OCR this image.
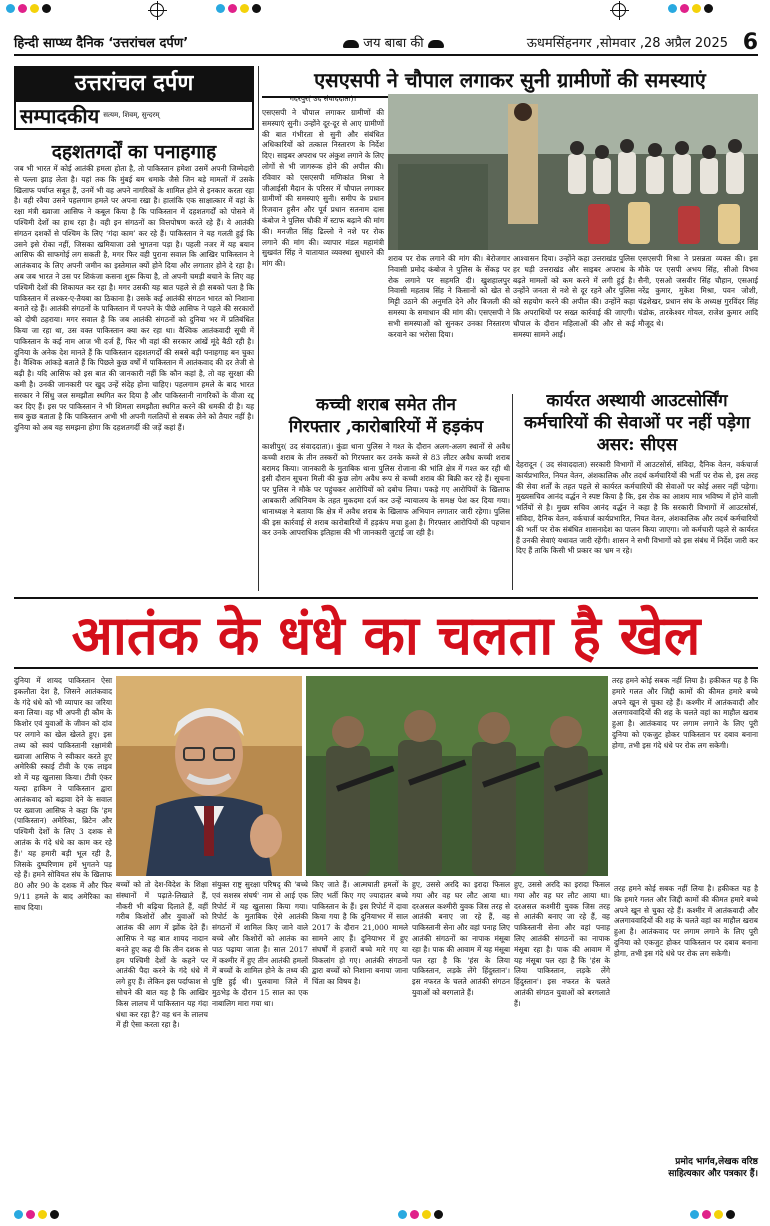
हिन्दी साप्ध्य दैनिक ‘उत्तरांचल दर्पण’	जय बाबा की	ऊधमसिंहनगर ,सोमवार ,28 अप्रैल 2025 6
उत्तरांचल दर्पण
सम्पादकीय सत्यम, शिवम्, सुन्दरम्
दहशतगर्दों का पनाहगाह
जब भी भारत में कोई आतंकी हमला होता है, तो पाकिस्तान हमेशा उसमें अपनी जिम्मेदारी से पल्ला झाड़ लेता है। यहां तक कि मुंबई बम धमाके जैसे जिन बड़े मामलों में उसके खिलाफ पर्याप्त सबूत हैं, उनमें भी वह अपने नागरिकों के शामिल होने से इनकार करता रहा है। वही रवैया उसने पहलगाम हमले पर अपना रखा है। हालांकि एक साक्षात्कार में वहां के रक्षा मंत्री ख्वाजा आसिफ ने कबूल किया है कि पाकिस्तान में दहशतगर्दों को पोसने में पश्चिमी देशों का हाथ रहा है। वही इन संगठनों का वित्तपोषण करते रहे हैं। ये आतंकी संगठन दशकों से पश्चिम के लिए ‘गंदा काम’ कर रहे हैं। पाकिस्तान ने यह गलती हुई कि उसने इसे रोका नहीं, जिसका खमियाजा उसे भुगतना पड़ा है। पहली नजर में यह बयान आसिफ की साफगोई लग सकती है, मगर फिर वही पुराना सवाल कि आखिर पाकिस्तान ने आतंकवाद के लिए अपनी जमीन का इस्तेमाल क्यों होने दिया और लगातार होने दे रहा है। अब जब भारत ने उस पर शिकंजा कसना शुरू किया है, तो अपनी चमड़ी बचाने के लिए वह पश्चिमी देशों की शिकायत कर रहा है। मगर उसकी यह बात पहले से ही सबको पता है कि पाकिस्तान में लश्कर-ए-तैयबा का ठिकाना है। उसके कई आतंकी संगठन भारत को निशाना बनाते रहे हैं। आतंकी संगठनों के पाकिस्तान में पनपने के पीछे आसिफ ने पहले की सरकारों को दोषी ठहराया। मगर सवाल है कि जब आतंकी संगठनों को दुनिया भर में प्रतिबंधित किया जा रहा था, उस वक्त पाकिस्तान क्या कर रहा था। वैश्विक आतंकवादी सूची में पाकिस्तान के कई नाम आज भी दर्ज हैं, फिर भी वहां की सरकार आंखें मूंदे बैठी रही है। दुनिया के अनेक देश मानते हैं कि पाकिस्तान दहशतगर्दों की सबसे बड़ी पनाहगाह बन चुका है। वैश्विक आंकड़े बताते हैं कि पिछले कुछ वर्षों में पाकिस्तान में आतंकवाद की दर तेजी से बढ़ी है। यदि आसिफ को इस बात की जानकारी नहीं कि कौन कहां है, तो वह सुरक्षा की कमी है। उनकी जानकारी पर खुद उन्हें संदेह होना चाहिए। पहलगाम हमले के बाद भारत सरकार ने सिंधु जल समझौता स्थगित कर दिया है और पाकिस्तानी नागरिकों के वीजा रद्द कर दिए हैं। इस पर पाकिस्तान ने भी शिमला समझौता स्थगित करने की धमकी दी है। यह सब कुछ बताता है कि पाकिस्तान अभी भी अपनी गलतियों से सबक लेने को तैयार नहीं है। दुनिया को अब यह समझना होगा कि दहशतगर्दी की जड़ें कहां हैं।
एसएसपी ने चौपाल लगाकर सुनी ग्रामीणों की समस्याएं
गदरपुर( उद संवाददाता)।
एसएसपी ने चौपाल लगाकर ग्रामीणों की समस्याएं सुनी। उन्होंने दूर-दूर से आए ग्रामीणों की बात गंभीरता से सुनी और संबंधित अधिकारियों को तत्काल निस्तारण के निर्देश दिए। साइबर अपराध पर अंकुश लगाने के लिए लोगों से भी जागरूक होने की अपील की। रविवार को एसएसपी मणिकांत मिश्रा ने जीआईसी मैदान के परिसर में चौपाल लगाकर ग्रामीणों की समस्याएं सुनी। समीप के प्रधान रिजवान हुसैन और पूर्व प्रधान सतनाम दास कंबोज ने पुलिस चौकी में स्टाफ बढ़ाने की मांग की। मनजीत सिंह ढिल्लो ने नशे पर रोक लगाने की मांग की। व्यापार मंडल महामंत्री सुखवंत सिंह ने यातायात व्यवस्था सुधारने की मांग की।
शराब पर रोक लगाने की मांग की। बेरोजगार निवासी प्रमोद कंबोज ने पुलिस के सेंकड़ पर रोक लगाने पर सहमति दी। खुशहालपुर निवासी महताब सिंह ने किसानों को खेत से मिट्टी उठाने की अनुमति देने और बिजली की समस्या के समाधान की मांग की। एसएसपी ने सभी समस्याओं को सुनकर उनका निस्तारण करवाने का भरोसा दिया।
आश्वासन दिया। उन्होंने कहा उत्तराखंड पुलिस हर घड़ी उत्तराखंड और साइबर अपराध के बढ़ते मामलों को कम करने में लगी हुई है। उन्होंने जनता से नशे से दूर रहने और पुलिस को सहयोग करने की अपील की। उन्होंने कहा कि अपराधियों पर सख्त कार्रवाई की जाएगी। चौपाल के दौरान महिलाओं की और से कई समस्या सामने आईं।
एसएसपी मिश्रा ने प्रसन्नता व्यक्त की। इस मौके पर एसपी अभय सिंह, सीओ विभव सैनी, एसओ जसवीर सिंह चौहान, एसआई नरेंद्र कुमार, मुकेश मिश्रा, पवन जोशी, चंद्रशेखर, प्रधान संघ के अध्यक्ष गुरविंदर सिंह चंडोक, तारकेश्वर गोयल, राजेश कुमार आदि मौजूद थे।
कच्ची शराब समेत तीन
गिरफ्तार ,कारोबारियों में हड़कंप
काशीपुर( उद संवाददाता)। कुंडा थाना पुलिस ने गश्त के दौरान अलग-अलग स्थानों से अवैध कच्ची शराब के तीन तस्करों को गिरफ्तार कर उनके कब्जे से 83 लीटर अवैध कच्ची शराब बरामद किया। जानकारी के मुताबिक थाना पुलिस रोजाना की भांति क्षेत्र में गश्त कर रही थी इसी दौरान सूचना मिली की कुछ लोग अवैध रूप से कच्ची शराब की बिक्री कर रहे हैं। सूचना पर पुलिस ने मौके पर पहुंचकर आरोपियों को दबोच लिया। पकड़े गए आरोपियों के खिलाफ आबकारी अधिनियम के तहत मुकदमा दर्ज कर उन्हें न्यायालय के समक्ष पेश कर दिया गया। थानाध्यक्ष ने बताया कि क्षेत्र में अवैध शराब के खिलाफ अभियान लगातार जारी रहेगा। पुलिस की इस कार्रवाई से शराब कारोबारियों में हड़कंप मचा हुआ है। गिरफ्तार आरोपियों की पहचान कर उनके आपराधिक इतिहास की भी जानकारी जुटाई जा रही है।
कार्यरत अस्थायी आउटसोर्सिंग कर्मचारियों की सेवाओं पर नहीं पड़ेगा असर: सीएस
देहरादून ( उद संवाददाता) सरकारी विभागों में आउटसोर्स, संविदा, दैनिक वेतन, वर्कचार्ज कार्यप्रभारित, नियत वेतन, अंशकालिक और तदर्थ कर्मचारियों की भर्ती पर रोक से, इस तरह की सेवा शर्तों के तहत पहले से कार्यरत कर्मचारियों की सेवाओं पर कोई असर नहीं पड़ेगा। मुख्यसचिव आनंद वर्द्धन ने स्पष्ट किया है कि, इस रोक का आशय मात्र भविष्य में होने वाली भर्तियों से है। मुख्य सचिव आनंद वर्द्धन ने कहा है कि सरकारी विभागों में आउटसोर्स, संविदा, दैनिक वेतन, वर्कचार्ज कार्यप्रभारित, नियत वेतन, अंशकालिक और तदर्थ कर्मचारियों की भर्ती पर रोक संबंधित शासनादेश का पालन किया जाएगा। जो कर्मचारी पहले से कार्यरत हैं उनकी सेवाएं यथावत जारी रहेंगी। शासन ने सभी विभागों को इस संबंध में निर्देश जारी कर दिए हैं ताकि किसी भी प्रकार का भ्रम न रहे।
आतंक के धंधे का चलता है खेल
दुनिया में शायद पाकिस्तान ऐसा इकलौता देश है, जिसने आतंकवाद के गंदे धंधे को भी व्यापार का जरिया बना लिया। वह भी अपनी ही कौम के किशोर एवं युवाओं के जीवन को दांव पर लगाने का खेल खेलते हुए। इस तथ्य को स्वयं पाकिस्तानी रक्षामंत्री ख्वाजा आसिफ ने स्वीकार करते हुए अमेरिकी स्काई टीवी के एक लाइव शो में यह खुलासा किया। टीवी एंकर यल्दा हाकिम ने पाकिस्तान द्वारा आतंकवाद को बढ़ावा देने के सवाल पर ख्वाजा आसिफ ने कहा कि 'हम (पाकिस्तान) अमेरिका, ब्रिटेन और पश्चिमी देशों के लिए 3 दशक से आतंक के गंदे धंधे का काम कर रहे हैं।' यह हमारी बड़ी भूल रही है, जिसके दुष्परिणाम हमें भुगतने पड़ रहे हैं। हमने सोवियत संघ के खिलाफ 80 और 90 के दशक में और फिर 9/11 हमले के बाद अमेरिका का साथ दिया।
तरह हमने कोई सबक नहीं लिया है। हकीकत यह है कि हमारे गलत और जिद्दी कामों की कीमत हमारे बच्चे अपने खून से चुका रहे हैं। कश्मीर में आतंकवादी और अलगाववादियों की शह के चलते वहां का माहौल खराब हुआ है। आतंकवाद पर लगाम लगाने के लिए पूरी दुनिया को एकजुट होकर पाकिस्तान पर दबाव बनाना होगा, तभी इस गंदे धंधे पर रोक लग सकेगी।
बच्चों को तो देश-विदेश के शिक्षा संस्थानों में पढ़ाते-लिखाते हैं, नौकरी भी बढ़िया दिलाते हैं, वहीं गरीब किशोरों और युवाओं को आतंक की आग में झोंक देते हैं। आसिफ ने यह बात शायद नादान बनते हुए कह दी कि तीन दशक से हम पश्चिमी देशों के कहने पर आतंकी पैदा करने के गंदे धंधे में लगे हुए हैं। लेकिन इस पर्दाफाश से सोचने की बात यह है कि आखिर किस लालच में पाकिस्तान यह गंदा धंधा कर रहा है? वह धन के लालच में ही ऐसा करता रहा है।
संयुक्त राष्ट्र सुरक्षा परिषद् की 'बच्चे एवं सशस्त्र संघर्ष' नाम से आई एक रिपोर्ट में यह खुलासा किया गया। रिपोर्ट के मुताबिक ऐसे आतंकी संगठनों में शामिल किए जाने वाले बच्चे और किशोरों को आतंक का पाठ पढ़ाया जाता है। साल 2017 में कश्मीर में हुए तीन आतंकी हमलों में बच्चों के शामिल होने के तथ्य की पुष्टि हुई थी। पुलवामा जिले में मुठभेड़ के दौरान 15 साल का एक नाबालिग मारा गया था।
किए जाते हैं। आत्मघाती हमलों के लिए भर्ती किए गए ज्यादातर बच्चे पाकिस्तान के हैं। इस रिपोर्ट में दावा किया गया है कि दुनियाभर में साल 2017 के दौरान 21,000 मामले सामने आए हैं। दुनियाभर में हुए संघर्षों में हजारों बच्चे मारे गए या विकलांग हो गए। आतंकी संगठनों द्वारा बच्चों को निशाना बनाया जाना चिंता का विषय है।
हुए, उससे अरदि का इरादा फिसल गया और वह घर लौट आया था। दरअसल कश्मीरी युवक जिस तरह से आतंकी बनाए जा रहे हैं, वह पाकिस्तानी सेना और वहां पनाह लिए आतंकी संगठनों का नापाक मंसूबा रहा है। पाक की आवाम में यह मंसूबा पल रहा है कि 'हंस के लिया पाकिस्तान, लड़के लेंगे हिंदुस्तान'। इस नफरत के चलते आतंकी संगठन युवाओं को बरगलाते हैं।
हुए, उससे अरदि का इरादा फिसल गया और वह घर लौट आया था। दरअसल कश्मीरी युवक जिस तरह से आतंकी बनाए जा रहे हैं, वह पाकिस्तानी सेना और वहां पनाह लिए आतंकी संगठनों का नापाक मंसूबा रहा है। पाक की आवाम में यह मंसूबा पल रहा है कि 'हंस के लिया पाकिस्तान, लड़के लेंगे हिंदुस्तान'। इस नफरत के चलते आतंकी संगठन युवाओं को बरगलाते हैं।
तरह हमने कोई सबक नहीं लिया है। हकीकत यह है कि हमारे गलत और जिद्दी कामों की कीमत हमारे बच्चे अपने खून से चुका रहे हैं। कश्मीर में आतंकवादी और अलगाववादियों की शह के चलते वहां का माहौल खराब हुआ है। आतंकवाद पर लगाम लगाने के लिए पूरी दुनिया को एकजुट होकर पाकिस्तान पर दबाव बनाना होगा, तभी इस गंदे धंधे पर रोक लग सकेगी।
प्रमोद भार्गव,लेखक वरिष्ठ
साहित्यकार और पत्रकार हैं।
